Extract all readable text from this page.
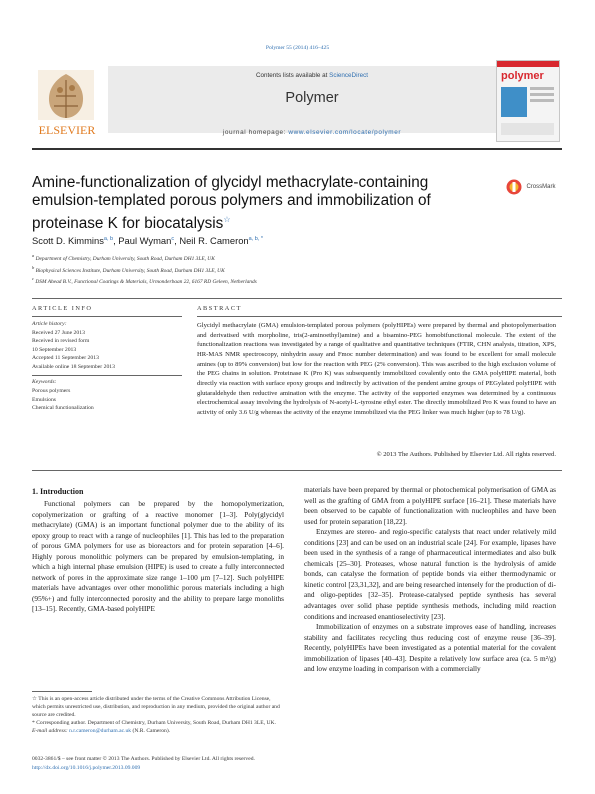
Polymer 55 (2014) 416–425
ELSEVIER
Contents lists available at ScienceDirect
Polymer
journal homepage: www.elsevier.com/locate/polymer
polymer
Amine-functionalization of glycidyl methacrylate-containing emulsion-templated porous polymers and immobilization of proteinase K for biocatalysis☆
CrossMark
Scott D. Kimmins$^{a, b}$, Paul Wyman$^c$, Neil R. Cameron$^{a, b, *}$
$^a$ Department of Chemistry, Durham University, South Road, Durham DH1 3LE, UK
$^b$ Biophysical Sciences Institute, Durham University, South Road, Durham DH1 3LE, UK
$^c$ DSM Ahead B.V., Functional Coatings & Materials, Urmonderbaan 22, 6167 RD Geleen, Netherlands
ARTICLE INFO	ABSTRACT
Article history:
Received 27 June 2013
Received in revised form
10 September 2013
Accepted 11 September 2013
Available online 18 September 2013
Keywords:
Porous polymers
Emulsions
Chemical functionalization
Glycidyl methacrylate (GMA) emulsion-templated porous polymers (polyHIPEs) were prepared by thermal and photopolymerisation and derivatised with morpholine, tris(2-aminoethyl)amine) and a bisamino-PEG homobifunctional molecule. The extent of the functionalization reactions was investigated by a range of qualitative and quantitative techniques (FTIR, CHN analysis, titration, XPS, HR-MAS NMR spectroscopy, ninhydrin assay and Fmoc number determination) and was found to be excellent for small molecule amines (up to 89% conversion) but low for the reaction with PEG (2% conversion). This was ascribed to the high exclusion volume of the PEG chains in solution. Proteinase K (Pro K) was subsequently immobilized covalently onto the GMA polyHIPE material, both directly via reaction with surface epoxy groups and indirectly by activation of the pendent amine groups of PEGylated polyHIPE with glutaraldehyde then reductive amination with the enzyme. The activity of the supported enzymes was determined by a continuous electrochemical assay involving the hydrolysis of N-acetyl-L-tyrosine ethyl ester. The directly immobilized Pro K was found to have an activity of only 3.6 U/g whereas the activity of the enzyme immobilized via the PEG linker was much higher (up to 78 U/g).
© 2013 The Authors. Published by Elsevier Ltd. All rights reserved.
1. Introduction

Functional polymers can be prepared by the homopolymerization, copolymerization or grafting of a reactive monomer [1–3]. Poly(glycidyl methacrylate) (GMA) is an important functional polymer due to the ability of its epoxy group to react with a range of nucleophiles [1]. This has led to the preparation of porous GMA polymers for use as bioreactors and for protein separation [4–6]. Highly porous monolithic polymers can be prepared by emulsion-templating, in which a high internal phase emulsion (HIPE) is used to create a fully interconnected network of pores in the approximate size range 1–100 μm [7–12]. Such polyHIPE materials have advantages over other monolithic porous materials including a high (95%+) and fully interconnected porosity and the ability to prepare large monoliths [13–15]. Recently, GMA-based polyHIPE

materials have been prepared by thermal or photochemical polymerisation of GMA as well as the grafting of GMA from a polyHIPE surface [16–21]. These materials have been observed to be capable of functionalization with nucleophiles and have been used for protein separation [18,22].

Enzymes are stereo- and regio-specific catalysts that react under relatively mild conditions [23] and can be used on an industrial scale [24]. For example, lipases have been used in the synthesis of a range of pharmaceutical intermediates and also bulk chemicals [25–30]. Proteases, whose natural function is the hydrolysis of amide bonds, can catalyse the formation of peptide bonds via either thermodynamic or kinetic control [23,31,32], and are being researched intensely for the production of di- and oligo-peptides [32–35]. Protease-catalysed peptide synthesis has several advantages over solid phase peptide synthesis methods, including mild reaction conditions and increased enantioselectivity [23].

Immobilization of enzymes on a substrate improves ease of handling, increases stability and facilitates recycling thus reducing cost of enzyme reuse [36–39]. Recently, polyHIPEs have been investigated as a potential material for the covalent immobilization of lipases [40–43]. Despite a relatively low surface area (ca. 5 m²/g) and low enzyme loading in comparison with a commercially

☆ This is an open-access article distributed under the terms of the Creative Commons Attribution License, which permits unrestricted use, distribution, and reproduction in any medium, provided the original author and source are credited.
* Corresponding author. Department of Chemistry, Durham University, South Road, Durham DH1 3LE, UK.
E-mail address: n.r.cameron@durham.ac.uk (N.R. Cameron).
0032-3861/$ – see front matter © 2013 The Authors. Published by Elsevier Ltd. All rights reserved.
http://dx.doi.org/10.1016/j.polymer.2013.09.009
